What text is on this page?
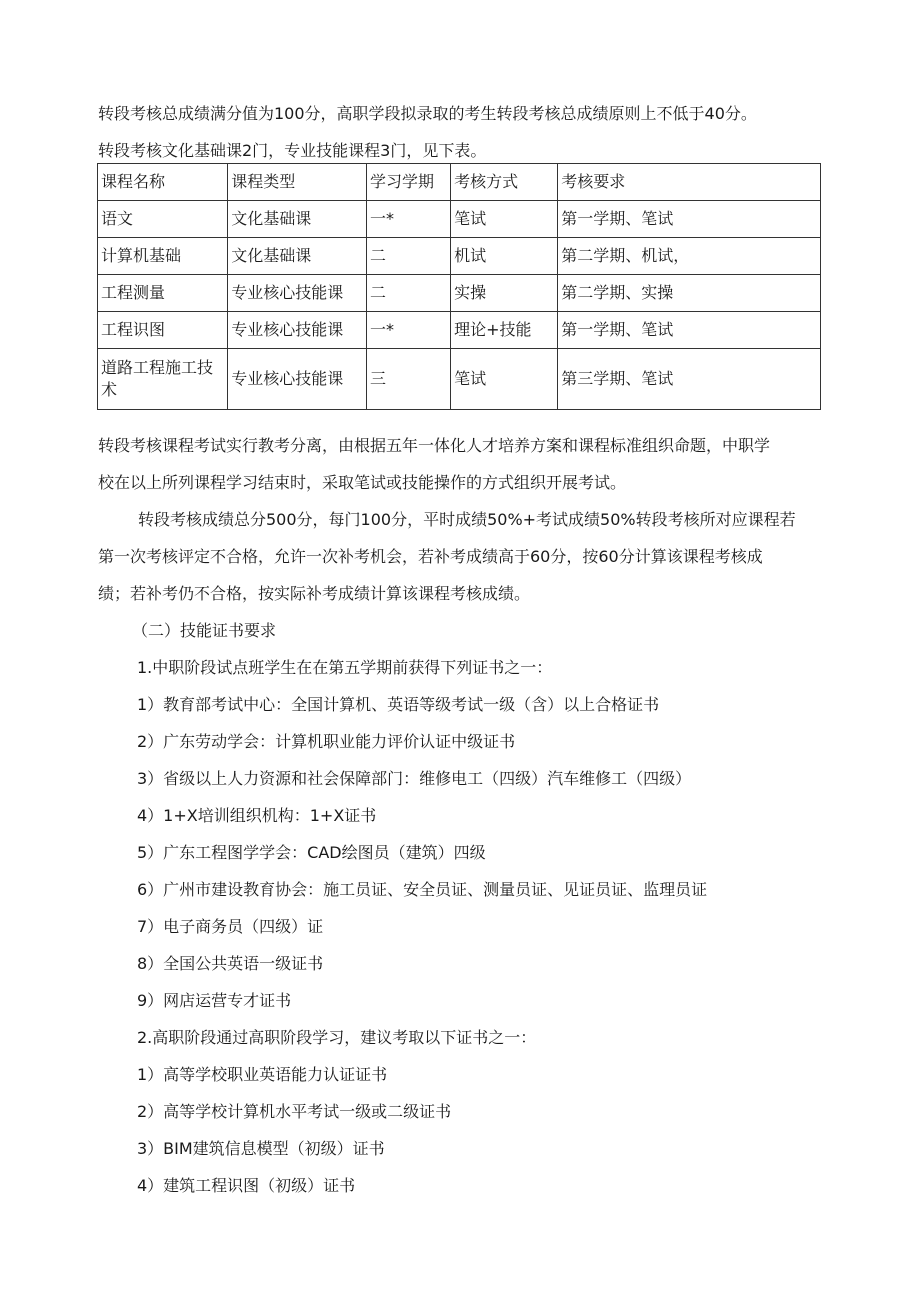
转段考核总成绩满分值为100分，高职学段拟录取的考生转段考核总成绩原则上不低于40分。
转段考核文化基础课2门，专业技能课程3门，见下表。
课程名称	课程类型	学习学期	考核方式	考核要求
语文	文化基础课	一*	笔试	第一学期、笔试
计算机基础	文化基础课	二	机试	第二学期、机试，
工程测量	专业核心技能课	二	实操	第二学期、实操
工程识图	专业核心技能课	一*	理论+技能	第一学期、笔试
道路工程施工技术	专业核心技能课	三	笔试	第三学期、笔试
转段考核课程考试实行教考分离，由根据五年一体化人才培养方案和课程标准组织命题，中职学
校在以上所列课程学习结束时，采取笔试或技能操作的方式组织开展考试。
转段考核成绩总分500分，每门100分，平时成绩50%+考试成绩50%转段考核所对应课程若
第一次考核评定不合格，允许一次补考机会，若补考成绩高于60分，按60分计算该课程考核成
绩；若补考仍不合格，按实际补考成绩计算该课程考核成绩。
（二）技能证书要求
1.中职阶段试点班学生在在第五学期前获得下列证书之一：
1）教育部考试中心：全国计算机、英语等级考试一级（含）以上合格证书
2）广东劳动学会：计算机职业能力评价认证中级证书
3）省级以上人力资源和社会保障部门：维修电工（四级）汽车维修工（四级）
4）1+X培训组织机构：1+X证书
5）广东工程图学学会：CAD绘图员（建筑）四级
6）广州市建设教育协会：施工员证、安全员证、测量员证、见证员证、监理员证
7）电子商务员（四级）证
8）全国公共英语一级证书
9）网店运营专才证书
2.高职阶段通过高职阶段学习，建议考取以下证书之一：
1）高等学校职业英语能力认证证书
2）高等学校计算机水平考试一级或二级证书
3）BIM建筑信息模型（初级）证书
4）建筑工程识图（初级）证书
